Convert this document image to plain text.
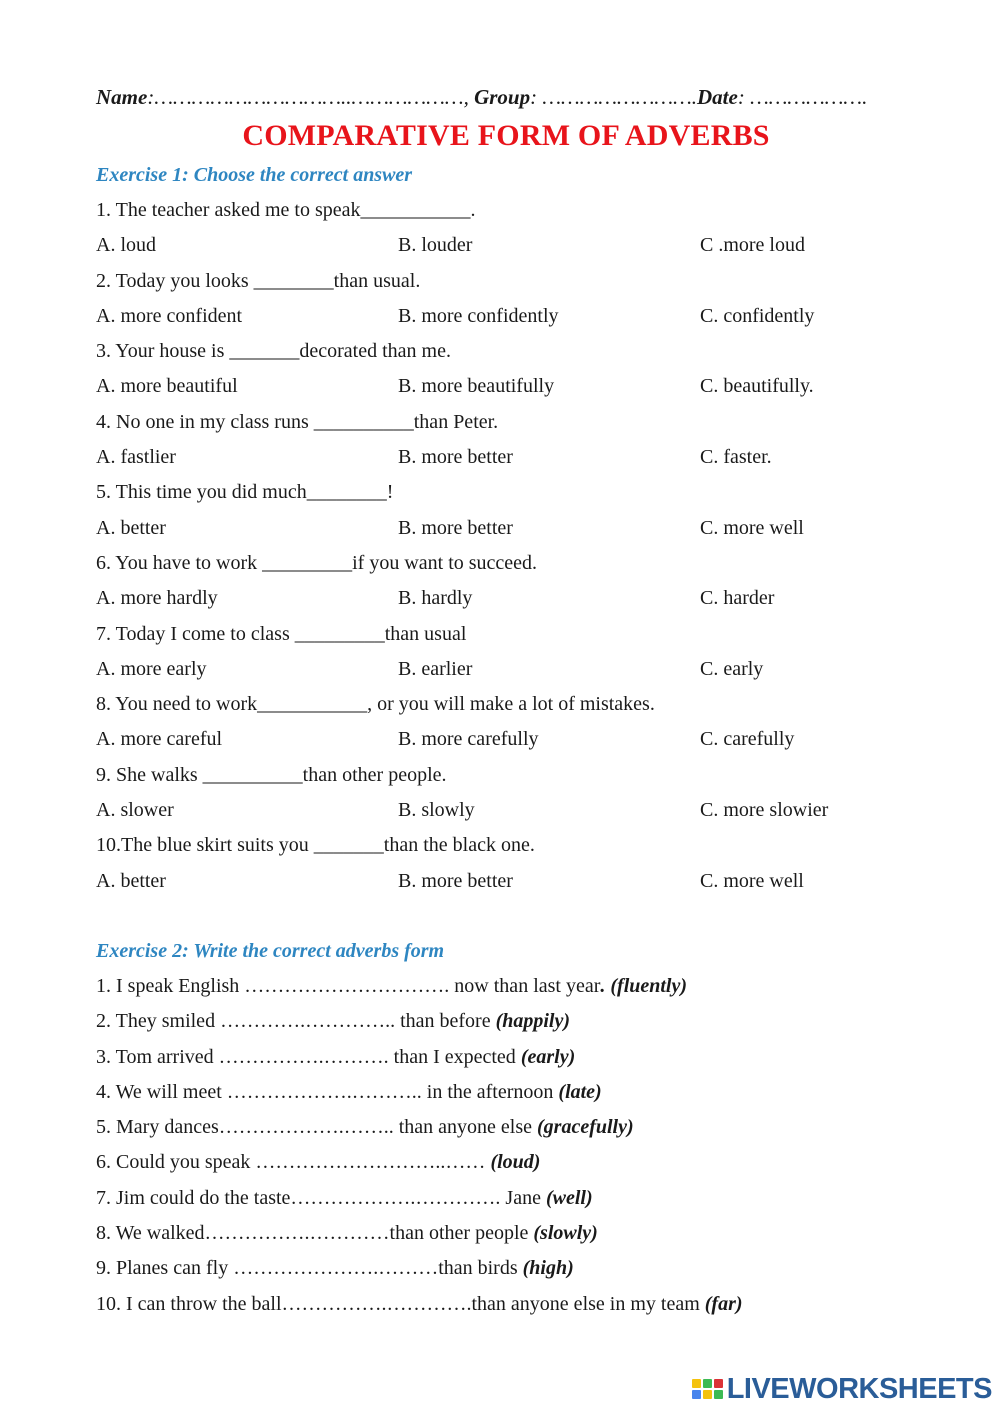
Name:…………………………..………………, Group: …………………….Date: ……………….
COMPARATIVE FORM OF ADVERBS
Exercise 1: Choose the correct answer
1. The teacher asked me to speak___________.
A. loud	B. louder	C .more loud
2. Today you looks ________than usual.
A. more confident	B. more confidently	C. confidently
3. Your house is _______decorated than me.
A. more beautiful	B. more beautifully	C. beautifully.
4. No one in my class runs __________than Peter.
A. fastlier	B. more better	C. faster.
5. This time you did much________!
A. better	B. more better	C. more well
6. You have to work _________if you want to succeed.
A. more hardly	B. hardly	C. harder
7. Today I come to class _________than usual
A. more early	B. earlier	C. early
8. You need to work___________, or you will make a lot of mistakes.
A. more careful	B. more carefully	C. carefully
9. She walks __________than other people.
A. slower	B. slowly	C. more slowier
10.The blue skirt suits you _______than the black one.
A. better	B. more better	C. more well
Exercise 2: Write the correct adverbs form
1. I speak English …………………………. now than last year. (fluently)
2. They smiled ………….………….. than before (happily)
3. Tom arrived …………….………. than I expected (early)
4. We will meet ……………….……….. in the afternoon (late)
5. Mary dances……………….…….. than anyone else (gracefully)
6. Could you speak ………………………..…… (loud)
7. Jim could do the taste……………….…………. Jane (well)
8. We walked…………….…………than other people (slowly)
9. Planes can fly ………………….………than birds (high)
10. I can throw the ball…………….………….than anyone else in my team (far)
LIVEWORKSHEETS
